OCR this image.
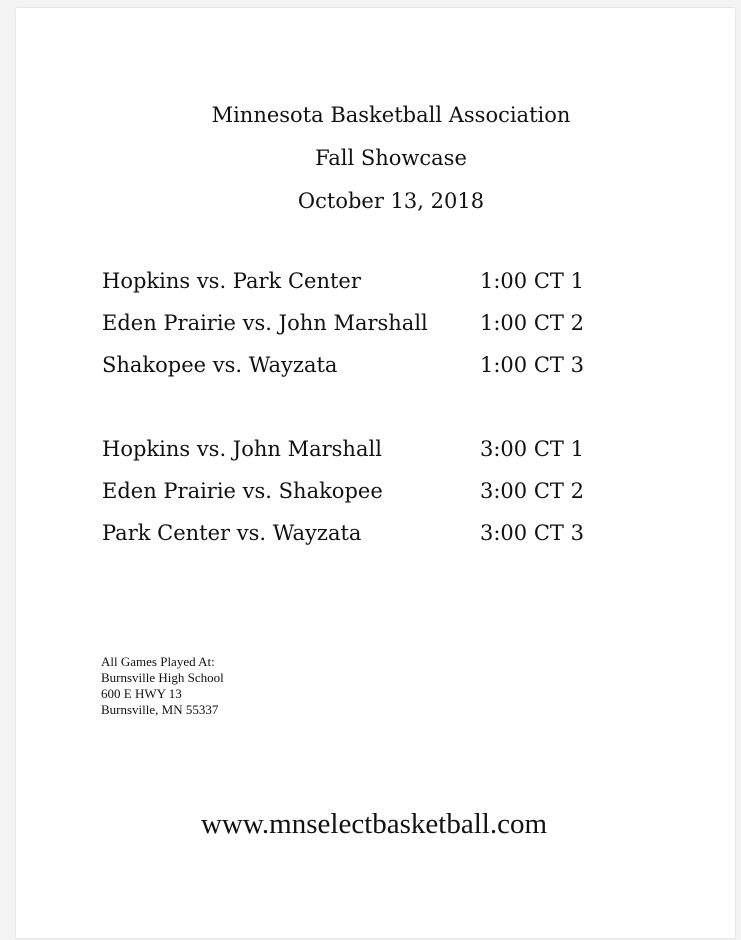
Minnesota Basketball Association
Fall Showcase
October 13, 2018
Hopkins vs. Park Center	1:00 CT 1
Eden Prairie vs. John Marshall 1:00 CT 2
Shakopee vs. Wayzata	1:00 CT 3
Hopkins vs. John Marshall	3:00 CT 1
Eden Prairie vs. Shakopee	3:00 CT 2
Park Center vs. Wayzata	3:00 CT 3
All Games Played At:
Burnsville High School
600 E HWY 13
Burnsville, MN 55337
www.mnselectbasketball.com
